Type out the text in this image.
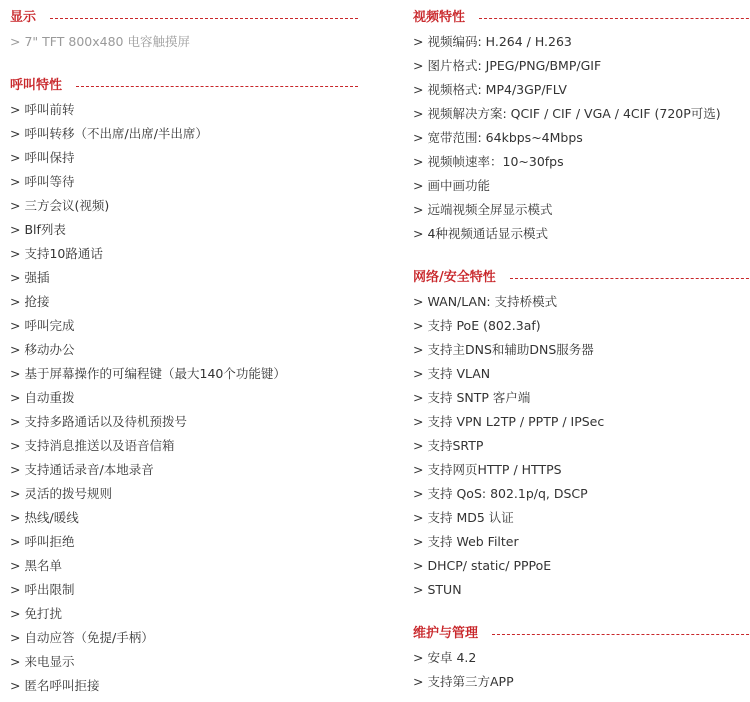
显示
> 7" TFT 800x480 电容触摸屏
呼叫特性
> 呼叫前转
> 呼叫转移（不出席/出席/半出席）
> 呼叫保持
> 呼叫等待
> 三方会议(视频)
> Blf列表
> 支持10路通话
> 强插
> 抢接
> 呼叫完成
> 移动办公
> 基于屏幕操作的可编程键（最大140个功能键）
> 自动重拨
> 支持多路通话以及待机预拨号
> 支持消息推送以及语音信箱
> 支持通话录音/本地录音
> 灵活的拨号规则
> 热线/暖线
> 呼叫拒绝
> 黑名单
> 呼出限制
> 免打扰
> 自动应答（免提/手柄）
> 来电显示
> 匿名呼叫拒接
视频特性
> 视频编码: H.264 / H.263
> 图片格式: JPEG/PNG/BMP/GIF
> 视频格式: MP4/3GP/FLV
> 视频解决方案: QCIF / CIF / VGA / 4CIF (720P可选)
> 宽带范围: 64kbps~4Mbps
> 视频帧速率：10~30fps
> 画中画功能
> 远端视频全屏显示模式
> 4种视频通话显示模式
网络/安全特性
> WAN/LAN: 支持桥模式
> 支持 PoE (802.3af)
> 支持主DNS和辅助DNS服务器
> 支持 VLAN
> 支持 SNTP 客户端
> 支持 VPN L2TP / PPTP / IPSec
> 支持SRTP
> 支持网页HTTP / HTTPS
> 支持 QoS: 802.1p/q, DSCP
> 支持 MD5 认证
> 支持 Web Filter
> DHCP/ static/ PPPoE
> STUN
维护与管理
> 安卓 4.2
> 支持第三方APP
